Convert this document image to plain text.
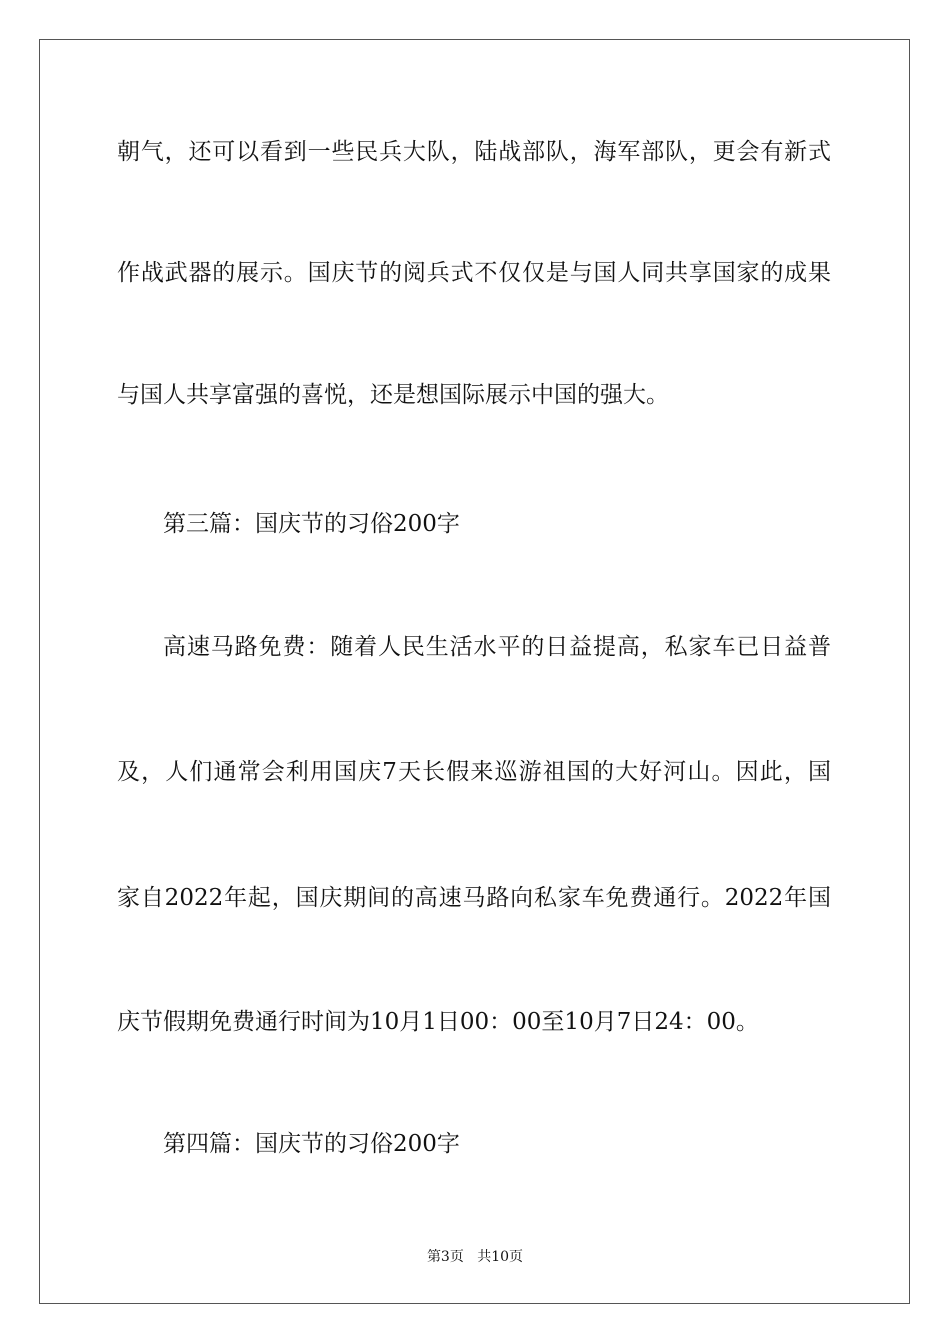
朝气，还可以看到一些民兵大队，陆战部队，海军部队，更会有新式
作战武器的展示。国庆节的阅兵式不仅仅是与国人同共享国家的成果
与国人共享富强的喜悦，还是想国际展示中国的强大。
第三篇：国庆节的习俗200字
高速马路免费：随着人民生活水平的日益提高，私家车已日益普
及，人们通常会利用国庆7天长假来巡游祖国的大好河山。因此，国
家自2022年起，国庆期间的高速马路向私家车免费通行。2022年国
庆节假期免费通行时间为10月1日00：00至10月7日24：00。
第四篇：国庆节的习俗200字
第3页 共10页
